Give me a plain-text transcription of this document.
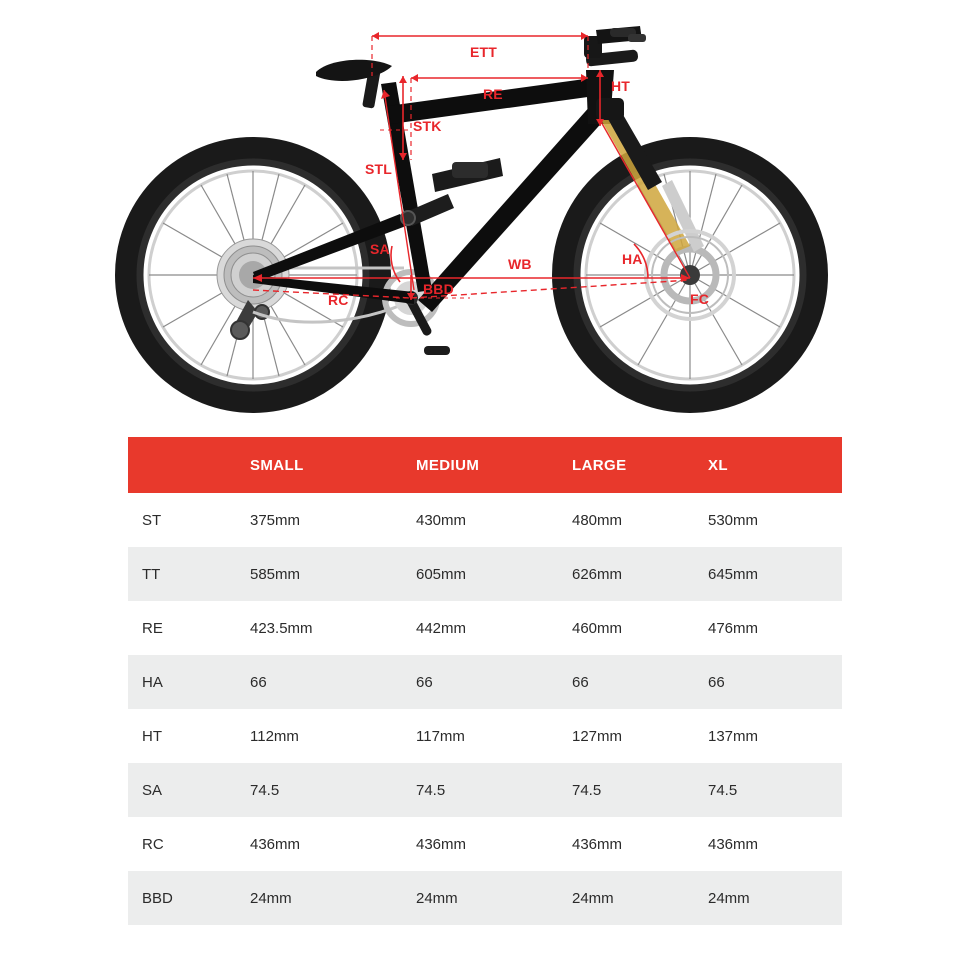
ETT
RE	HT
STK
STL
SA
WB	HA
RC
BBD
FC
	SMALL	MEDIUM	LARGE	XL
ST	375mm	430mm	480mm	530mm
TT	585mm	605mm	626mm	645mm
RE	423.5mm	442mm	460mm	476mm
HA	66	66	66	66
HT	112mm	117mm	127mm	137mm
SA	74.5	74.5	74.5	74.5
RC	436mm	436mm	436mm	436mm
BBD	24mm	24mm	24mm	24mm
